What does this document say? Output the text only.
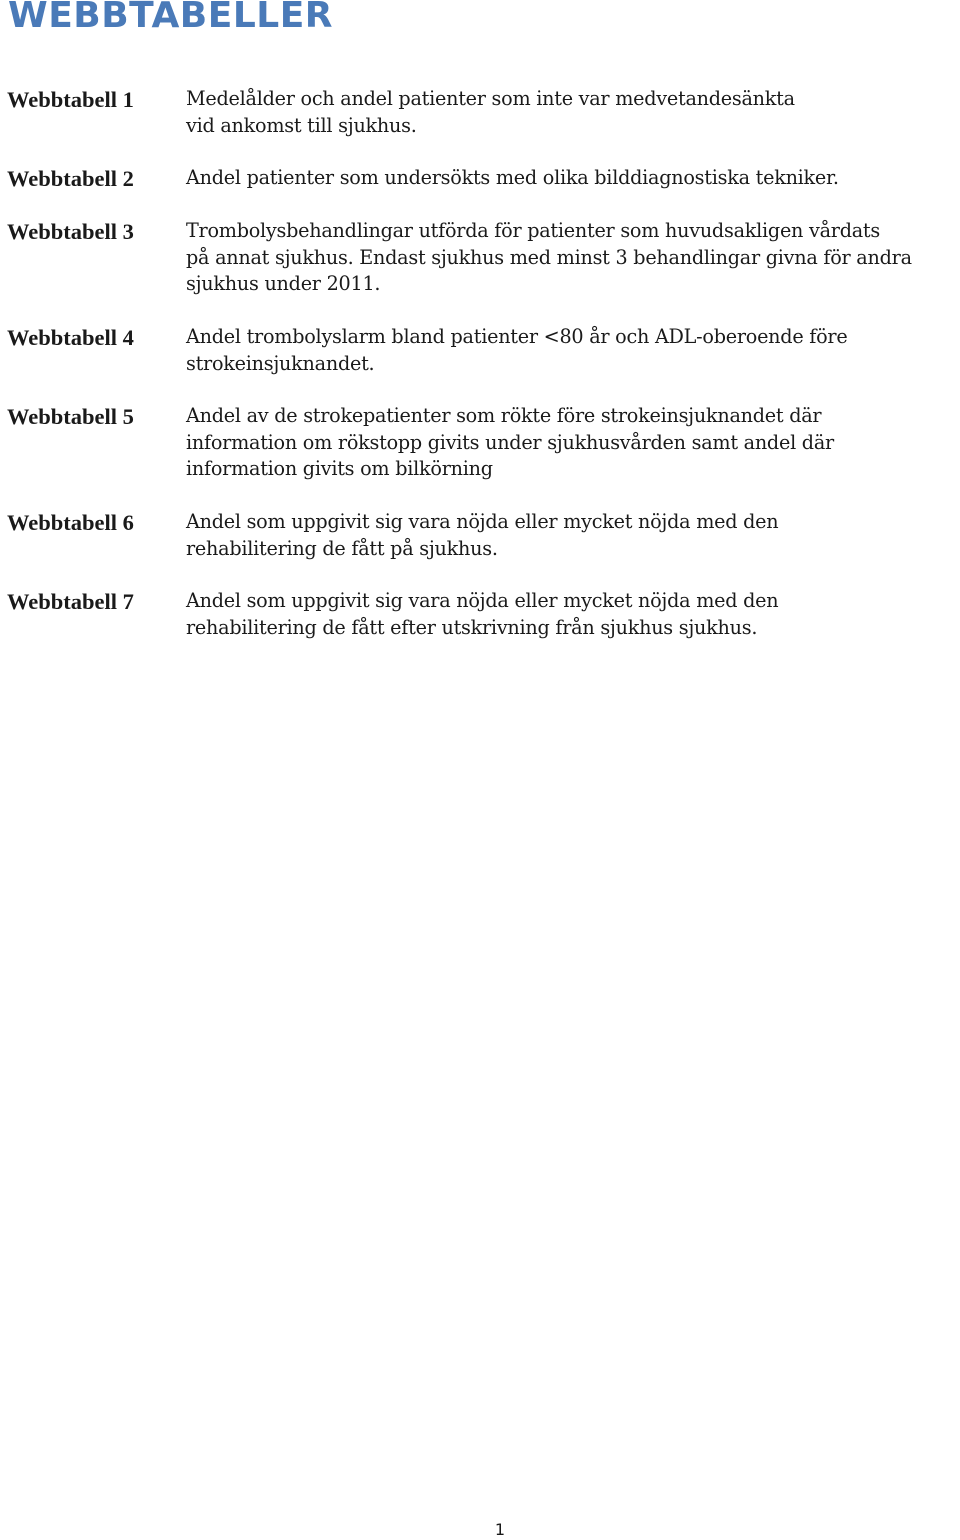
WEBBTABELLER
Webbtabell 1	Medelålder och andel patienter som inte var medvetandesänkta
vid ankomst till sjukhus.
Webbtabell 2	Andel patienter som undersökts med olika bilddiagnostiska tekniker.
Webbtabell 3	Trombolysbehandlingar utförda för patienter som huvudsakligen vårdats
på annat sjukhus. Endast sjukhus med minst 3 behandlingar givna för andra
sjukhus under 2011.
Webbtabell 4	Andel trombolyslarm bland patienter <80 år och ADL-oberoende före
strokeinsjuknandet.
Webbtabell 5	Andel av de strokepatienter som rökte före strokeinsjuknandet där
information om rökstopp givits under sjukhusvården samt andel där
information givits om bilkörning
Webbtabell 6	Andel som uppgivit sig vara nöjda eller mycket nöjda med den
rehabilitering de fått på sjukhus.
Webbtabell 7	Andel som uppgivit sig vara nöjda eller mycket nöjda med den
rehabilitering de fått efter utskrivning från sjukhus sjukhus.
1
